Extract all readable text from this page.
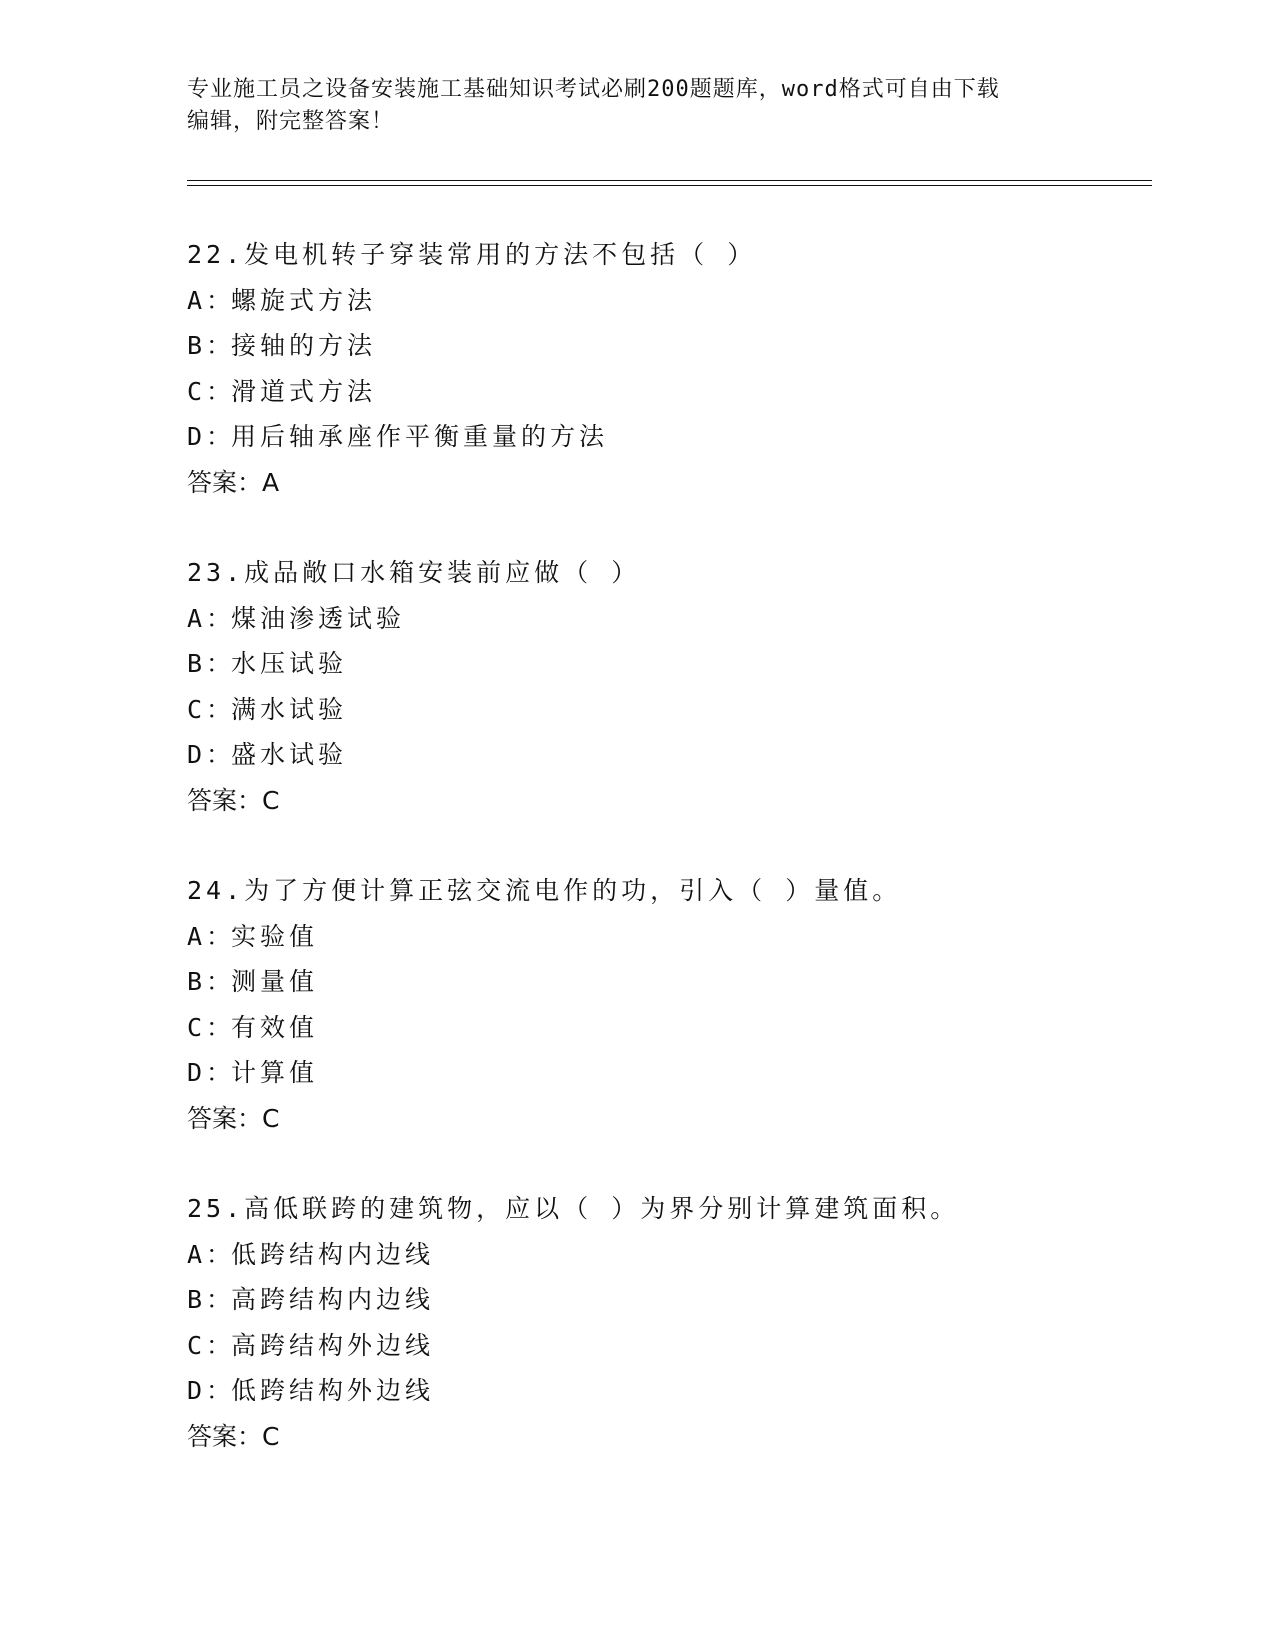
专业施工员之设备安装施工基础知识考试必刷200题题库，word格式可自由下载
编辑，附完整答案！
22.发电机转子穿装常用的方法不包括（ ）
A：螺旋式方法
B：接轴的方法
C：滑道式方法
D：用后轴承座作平衡重量的方法
答案：A
23.成品敞口水箱安装前应做（ ）
A：煤油渗透试验
B：水压试验
C：满水试验
D：盛水试验
答案：C
24.为了方便计算正弦交流电作的功，引入（ ）量值。
A：实验值
B：测量值
C：有效值
D：计算值
答案：C
25.高低联跨的建筑物，应以（ ）为界分别计算建筑面积。
A：低跨结构内边线
B：高跨结构内边线
C：高跨结构外边线
D：低跨结构外边线
答案：C
